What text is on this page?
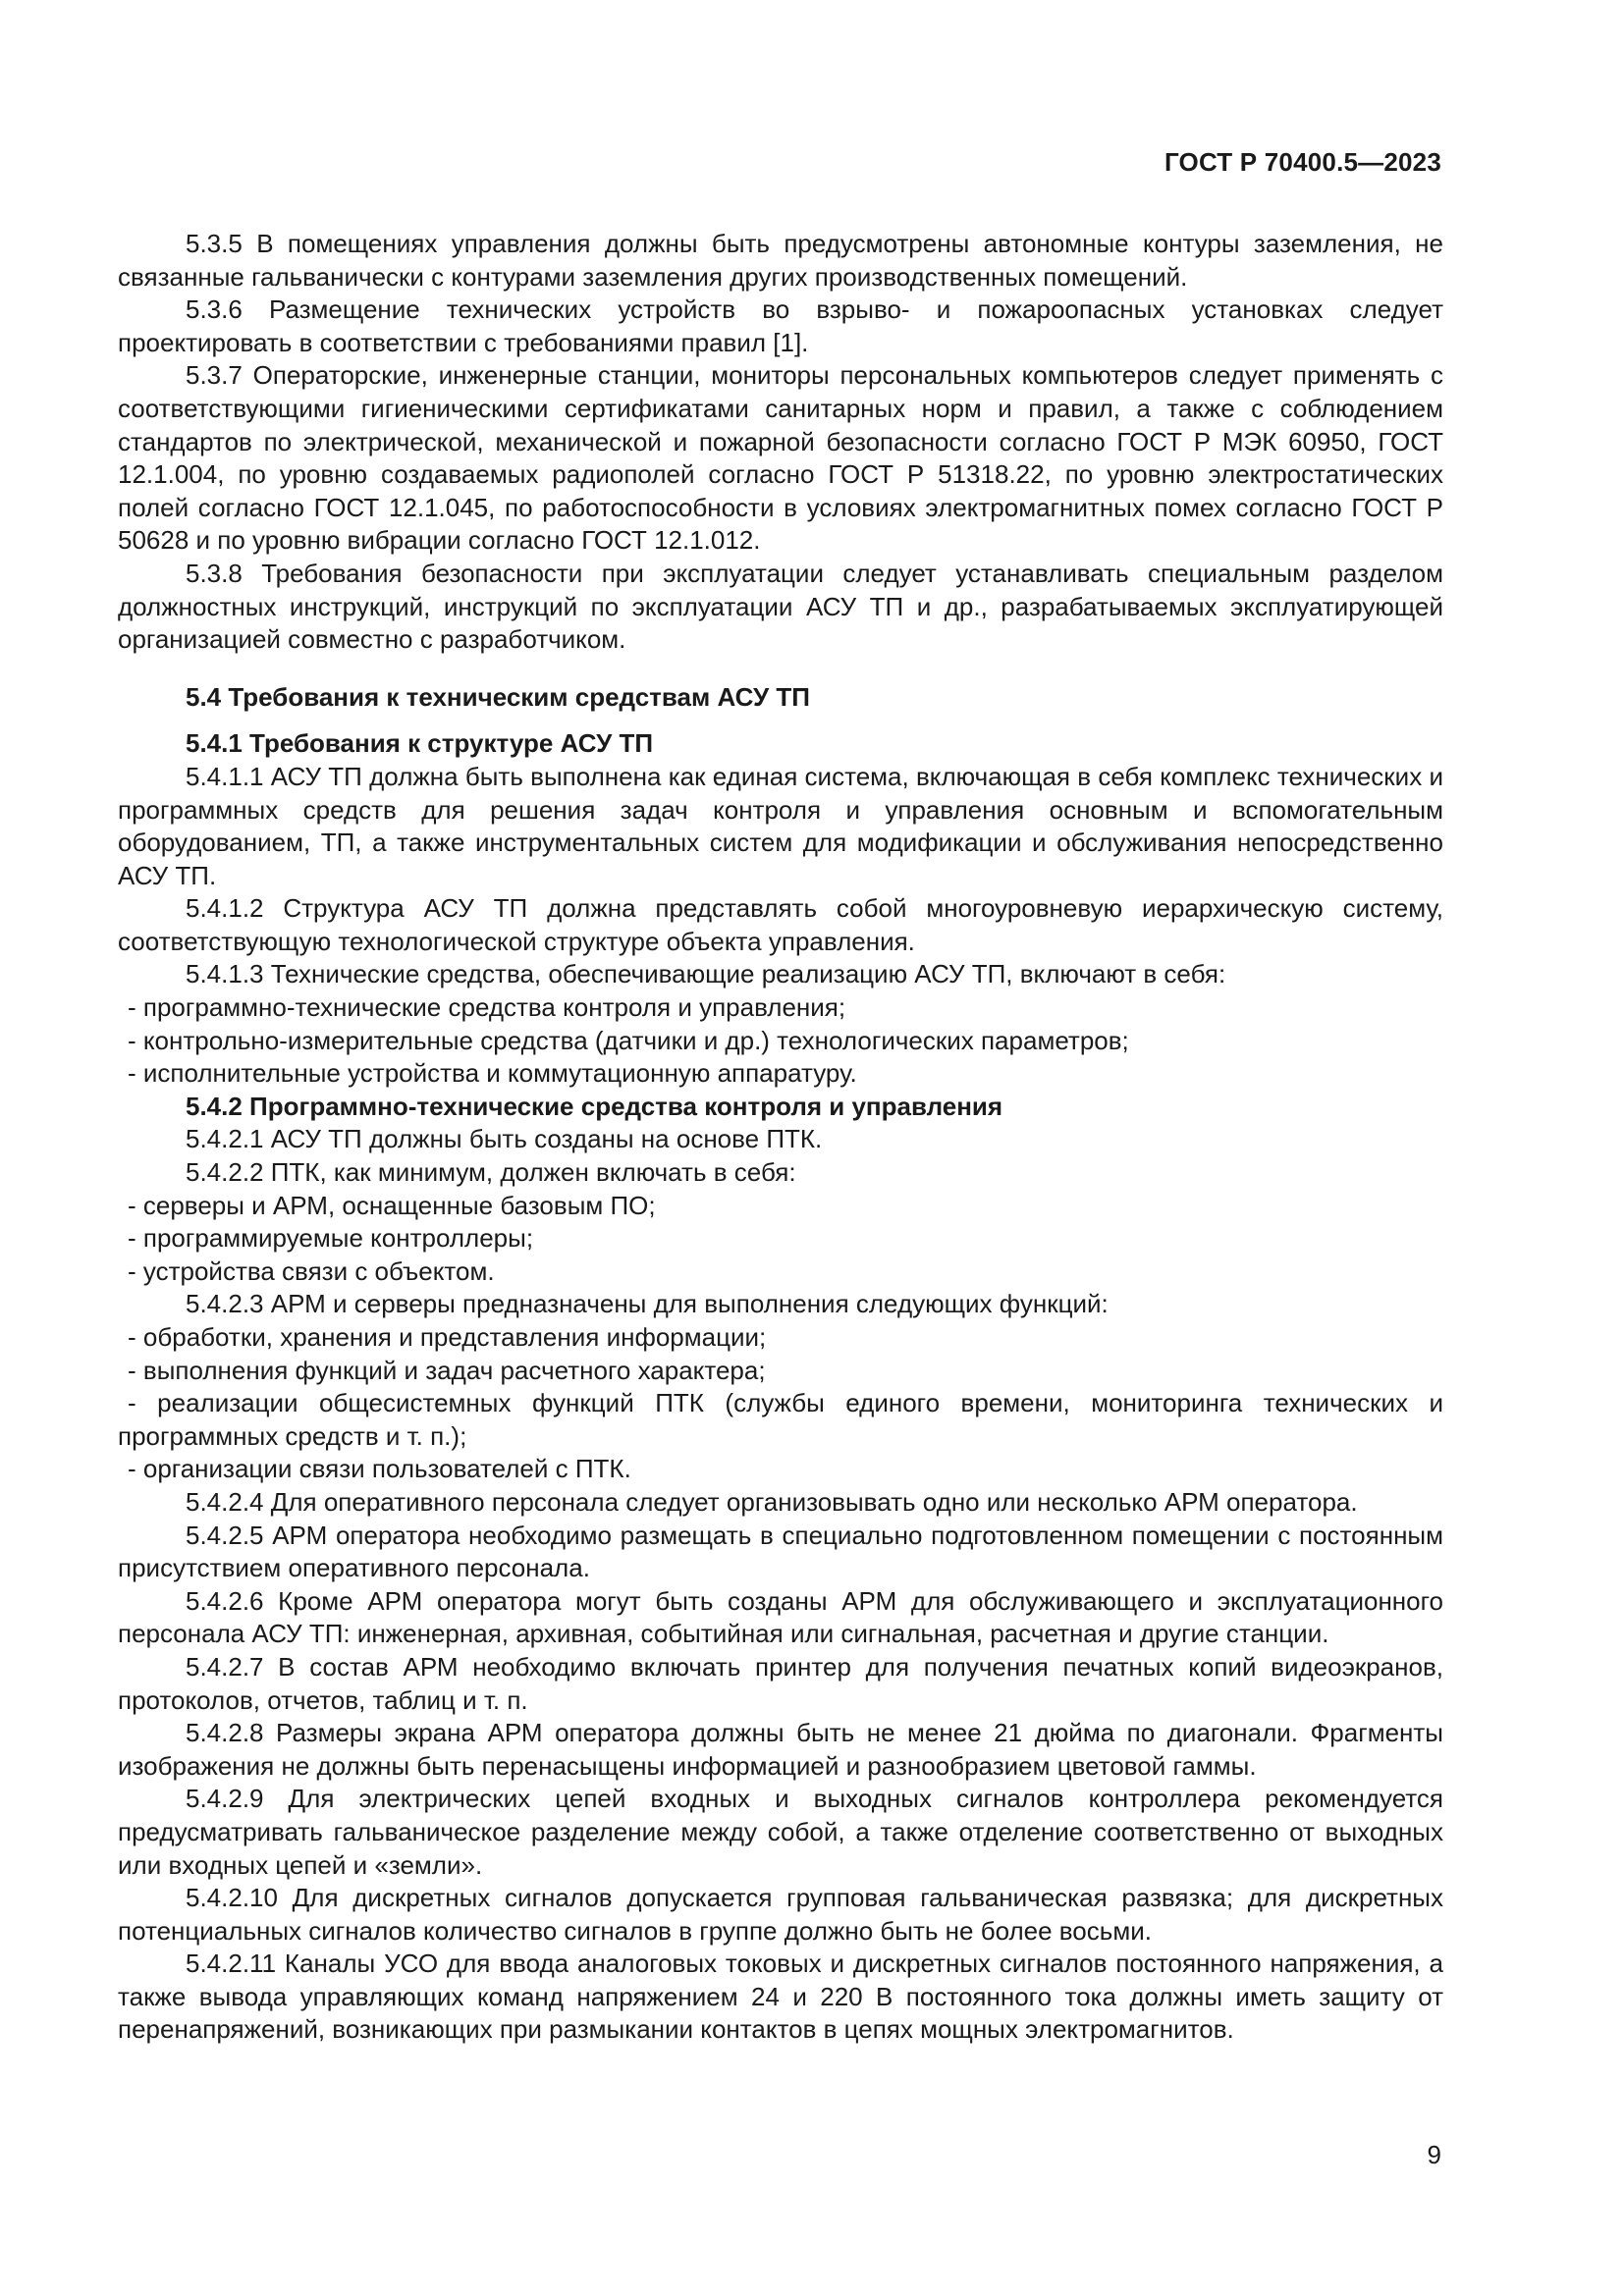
ГОСТ Р 70400.5—2023

5.3.5 В помещениях управления должны быть предусмотрены автономные контуры заземления, не связанные гальванически с контурами заземления других производственных помещений.

5.3.6 Размещение технических устройств во взрыво- и пожароопасных установках следует проектировать в соответствии с требованиями правил [1].

5.3.7 Операторские, инженерные станции, мониторы персональных компьютеров следует применять с соответствующими гигиеническими сертификатами санитарных норм и правил, а также с соблюдением стандартов по электрической, механической и пожарной безопасности согласно ГОСТ Р МЭК 60950, ГОСТ 12.1.004, по уровню создаваемых радиополей согласно ГОСТ Р 51318.22, по уровню электростатических полей согласно ГОСТ 12.1.045, по работоспособности в условиях электромагнитных помех согласно ГОСТ Р 50628 и по уровню вибрации согласно ГОСТ 12.1.012.

5.3.8 Требования безопасности при эксплуатации следует устанавливать специальным разделом должностных инструкций, инструкций по эксплуатации АСУ ТП и др., разрабатываемых эксплуатирующей организацией совместно с разработчиком.

5.4 Требования к техническим средствам АСУ ТП

5.4.1 Требования к структуре АСУ ТП

5.4.1.1 АСУ ТП должна быть выполнена как единая система, включающая в себя комплекс технических и программных средств для решения задач контроля и управления основным и вспомогательным оборудованием, ТП, а также инструментальных систем для модификации и обслуживания непосредственно АСУ ТП.

5.4.1.2 Структура АСУ ТП должна представлять собой многоуровневую иерархическую систему, соответствующую технологической структуре объекта управления.

5.4.1.3 Технические средства, обеспечивающие реализацию АСУ ТП, включают в себя:

- программно-технические средства контроля и управления;

- контрольно-измерительные средства (датчики и др.) технологических параметров;

- исполнительные устройства и коммутационную аппаратуру.

5.4.2 Программно-технические средства контроля и управления

5.4.2.1 АСУ ТП должны быть созданы на основе ПТК.

5.4.2.2 ПТК, как минимум, должен включать в себя:

- серверы и АРМ, оснащенные базовым ПО;

- программируемые контроллеры;

- устройства связи с объектом.

5.4.2.3 АРМ и серверы предназначены для выполнения следующих функций:

- обработки, хранения и представления информации;

- выполнения функций и задач расчетного характера;

- реализации общесистемных функций ПТК (службы единого времени, мониторинга технических и программных средств и т. п.);

- организации связи пользователей с ПТК.

5.4.2.4 Для оперативного персонала следует организовывать одно или несколько АРМ оператора.

5.4.2.5 АРМ оператора необходимо размещать в специально подготовленном помещении с постоянным присутствием оперативного персонала.

5.4.2.6 Кроме АРМ оператора могут быть созданы АРМ для обслуживающего и эксплуатационного персонала АСУ ТП: инженерная, архивная, событийная или сигнальная, расчетная и другие станции.

5.4.2.7 В состав АРМ необходимо включать принтер для получения печатных копий видеоэкранов, протоколов, отчетов, таблиц и т. п.

5.4.2.8 Размеры экрана АРМ оператора должны быть не менее 21 дюйма по диагонали. Фрагменты изображения не должны быть перенасыщены информацией и разнообразием цветовой гаммы.

5.4.2.9 Для электрических цепей входных и выходных сигналов контроллера рекомендуется предусматривать гальваническое разделение между собой, а также отделение соответственно от выходных или входных цепей и «земли».

5.4.2.10 Для дискретных сигналов допускается групповая гальваническая развязка; для дискретных потенциальных сигналов количество сигналов в группе должно быть не более восьми.

5.4.2.11 Каналы УСО для ввода аналоговых токовых и дискретных сигналов постоянного напряжения, а также вывода управляющих команд напряжением 24 и 220 В постоянного тока должны иметь защиту от перенапряжений, возникающих при размыкании контактов в цепях мощных электромагнитов.

9
